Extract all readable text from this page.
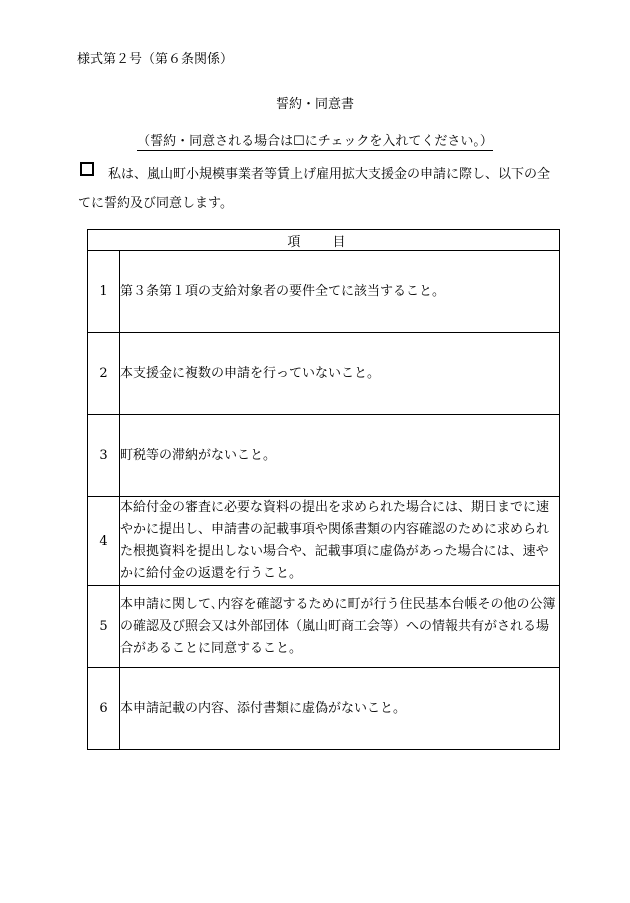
様式第２号（第６条関係）
誓約・同意書
（誓約・同意される場合は☐にチェックを入れてください。）
私は、嵐山町小規模事業者等賃上げ雇用拡大支援金の申請に際し、以下の全てに誓約及び同意します。
項 目	
1	第３条第１項の支給対象者の要件全てに該当すること。
2	本支援金に複数の申請を行っていないこと。
3	町税等の滞納がないこと。
4	本給付金の審査に必要な資料の提出を求められた場合には、期日までに速やかに提出し、申請書の記載事項や関係書類の内容確認のために求められた根拠資料を提出しない場合や、記載事項に虚偽があった場合には、速やかに給付金の返還を行うこと。
5	本申請に関して､内容を確認するために町が行う住民基本台帳その他の公簿の確認及び照会又は外部団体（嵐山町商工会等）への情報共有がされる場合があることに同意すること。
6	本申請記載の内容、添付書類に虚偽がないこと。
